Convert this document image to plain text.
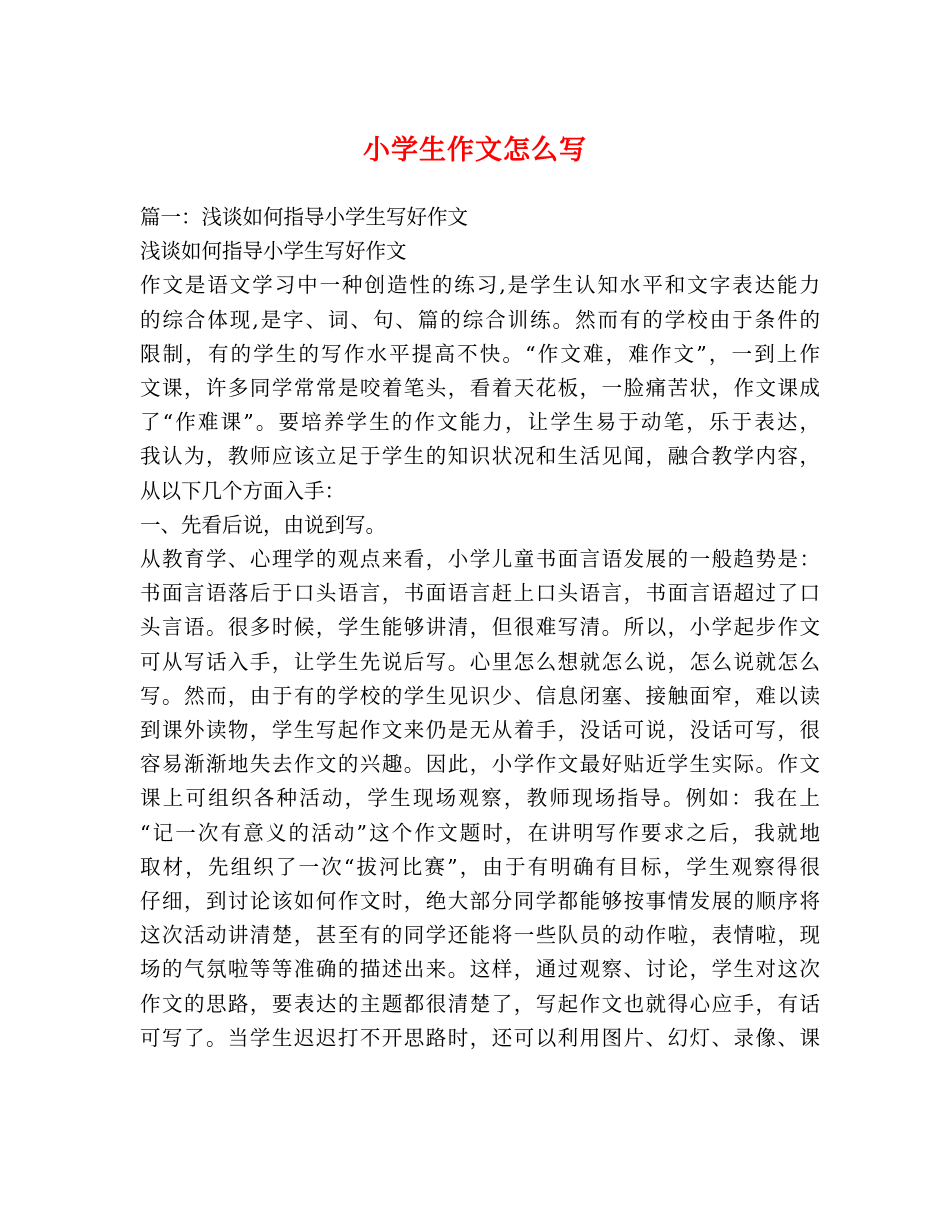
小学生作文怎么写
篇一：浅谈如何指导小学生写好作文
浅谈如何指导小学生写好作文
作文是语文学习中一种创造性的练习,是学生认知水平和文字表达能力
的综合体现,是字、词、句、篇的综合训练。然而有的学校由于条件的
限制，有的学生的写作水平提高不快。“作文难，难作文”，一到上作
文课，许多同学常常是咬着笔头，看着天花板，一脸痛苦状，作文课成
了“作难课”。要培养学生的作文能力，让学生易于动笔，乐于表达，
我认为，教师应该立足于学生的知识状况和生活见闻，融合教学内容，
从以下几个方面入手：
一、先看后说，由说到写。
从教育学、心理学的观点来看，小学儿童书面言语发展的一般趋势是：
书面言语落后于口头语言，书面语言赶上口头语言，书面言语超过了口
头言语。很多时候，学生能够讲清，但很难写清。所以，小学起步作文
可从写话入手，让学生先说后写。心里怎么想就怎么说，怎么说就怎么
写。然而，由于有的学校的学生见识少、信息闭塞、接触面窄，难以读
到课外读物，学生写起作文来仍是无从着手，没话可说，没话可写，很
容易渐渐地失去作文的兴趣。因此，小学作文最好贴近学生实际。作文
课上可组织各种活动，学生现场观察，教师现场指导。例如：我在上
“记一次有意义的活动”这个作文题时，在讲明写作要求之后，我就地
取材，先组织了一次“拔河比赛”，由于有明确有目标，学生观察得很
仔细，到讨论该如何作文时，绝大部分同学都能够按事情发展的顺序将
这次活动讲清楚，甚至有的同学还能将一些队员的动作啦，表情啦，现
场的气氛啦等等准确的描述出来。这样，通过观察、讨论，学生对这次
作文的思路，要表达的主题都很清楚了，写起作文也就得心应手，有话
可写了。当学生迟迟打不开思路时，还可以利用图片、幻灯、录像、课
